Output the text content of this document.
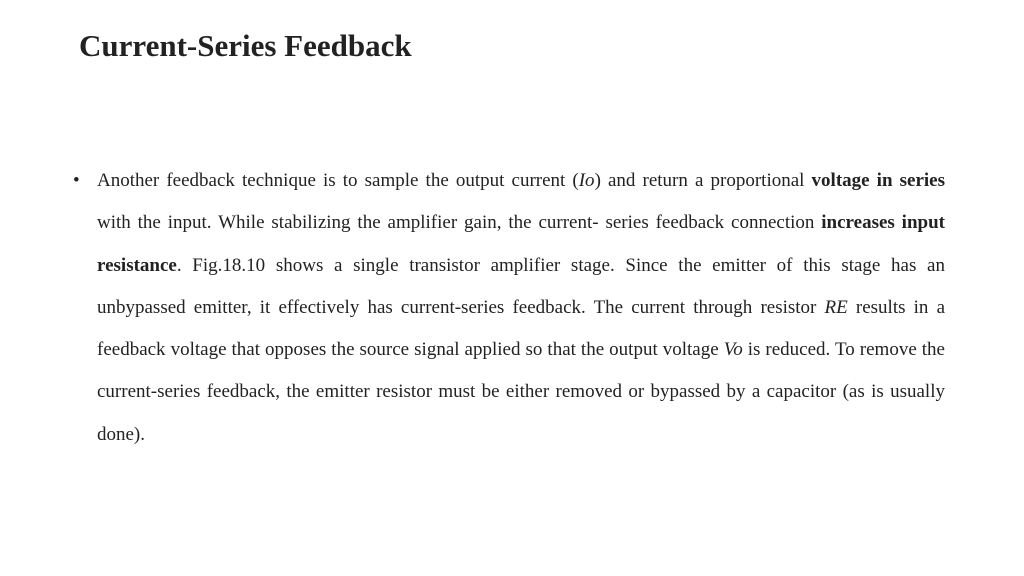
Current-Series Feedback
• Another feedback technique is to sample the output current (Io) and return a proportional voltage in series with the input. While stabilizing the amplifier gain, the current- series feedback connection increases input resistance. Fig.18.10 shows a single transistor amplifier stage. Since the emitter of this stage has an unbypassed emitter, it effectively has current-series feedback. The current through resistor RE results in a feedback voltage that opposes the source signal applied so that the output voltage Vo is reduced. To remove the current-series feedback, the emitter resistor must be either removed or bypassed by a capacitor (as is usually done).
